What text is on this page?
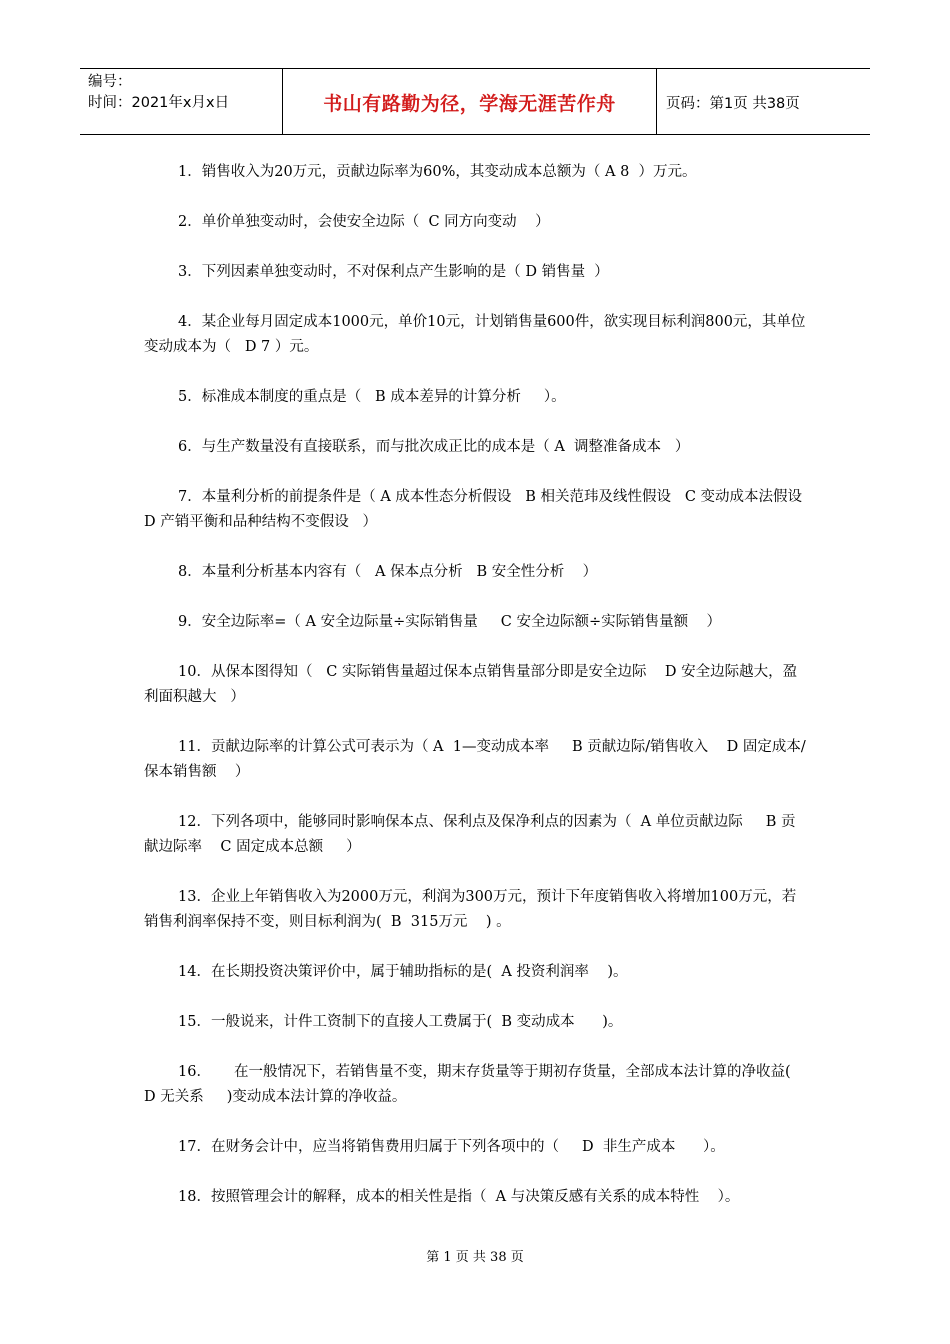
编号：
时间：2021年x月x日	书山有路勤为径，学海无涯苦作舟	页码：第1页 共38页

1．销售收入为20万元，贡献边际率为60%，其变动成本总额为（ A 8  ）万元。

2．单价单独变动时，会使安全边际（  C 同方向变动    ）

3．下列因素单独变动时，不对保利点产生影响的是（ D 销售量  ）

4．某企业每月固定成本1000元，单价10元，计划销售量600件，欲实现目标利润800元，其单位变动成本为（   D 7 ）元。

5．标准成本制度的重点是（   B 成本差异的计算分析     ）。

6．与生产数量没有直接联系，而与批次成正比的成本是（ A  调整准备成本   ）

7．本量利分析的前提条件是（ A 成本性态分析假设   B 相关范玮及线性假设   C 变动成本法假设   D 产销平衡和品种结构不变假设   ）

8．本量利分析基本内容有（   A 保本点分析   B 安全性分析    ）

9．安全边际率=（ A 安全边际量÷实际销售量     C 安全边际额÷实际销售量额    ）

10．从保本图得知（   C 实际销售量超过保本点销售量部分即是安全边际    D 安全边际越大，盈利面积越大   ）

11．贡献边际率的计算公式可表示为（ A  1—变动成本率     B 贡献边际/销售收入    D 固定成本/保本销售额    ）

12．下列各项中，能够同时影响保本点、保利点及保净利点的因素为（  A 单位贡献边际     B 贡献边际率    C 固定成本总额     ）

13．企业上年销售收入为2000万元，利润为300万元，预计下年度销售收入将增加100万元，若销售利润率保持不变，则目标利润为(  B  315万元    ) 。

14．在长期投资决策评价中，属于辅助指标的是(  A 投资利润率    )。

15．一般说来，计件工资制下的直接人工费属于(  B 变动成本      )。

16．     在一般情况下，若销售量不变，期末存货量等于期初存货量，全部成本法计算的净收益(  D 无关系     )变动成本法计算的净收益。

17．在财务会计中，应当将销售费用归属于下列各项中的（     D  非生产成本      ）。

18．按照管理会计的解释，成本的相关性是指（  A 与决策反感有关系的成本特性    ）。

第 1 页 共 38 页
